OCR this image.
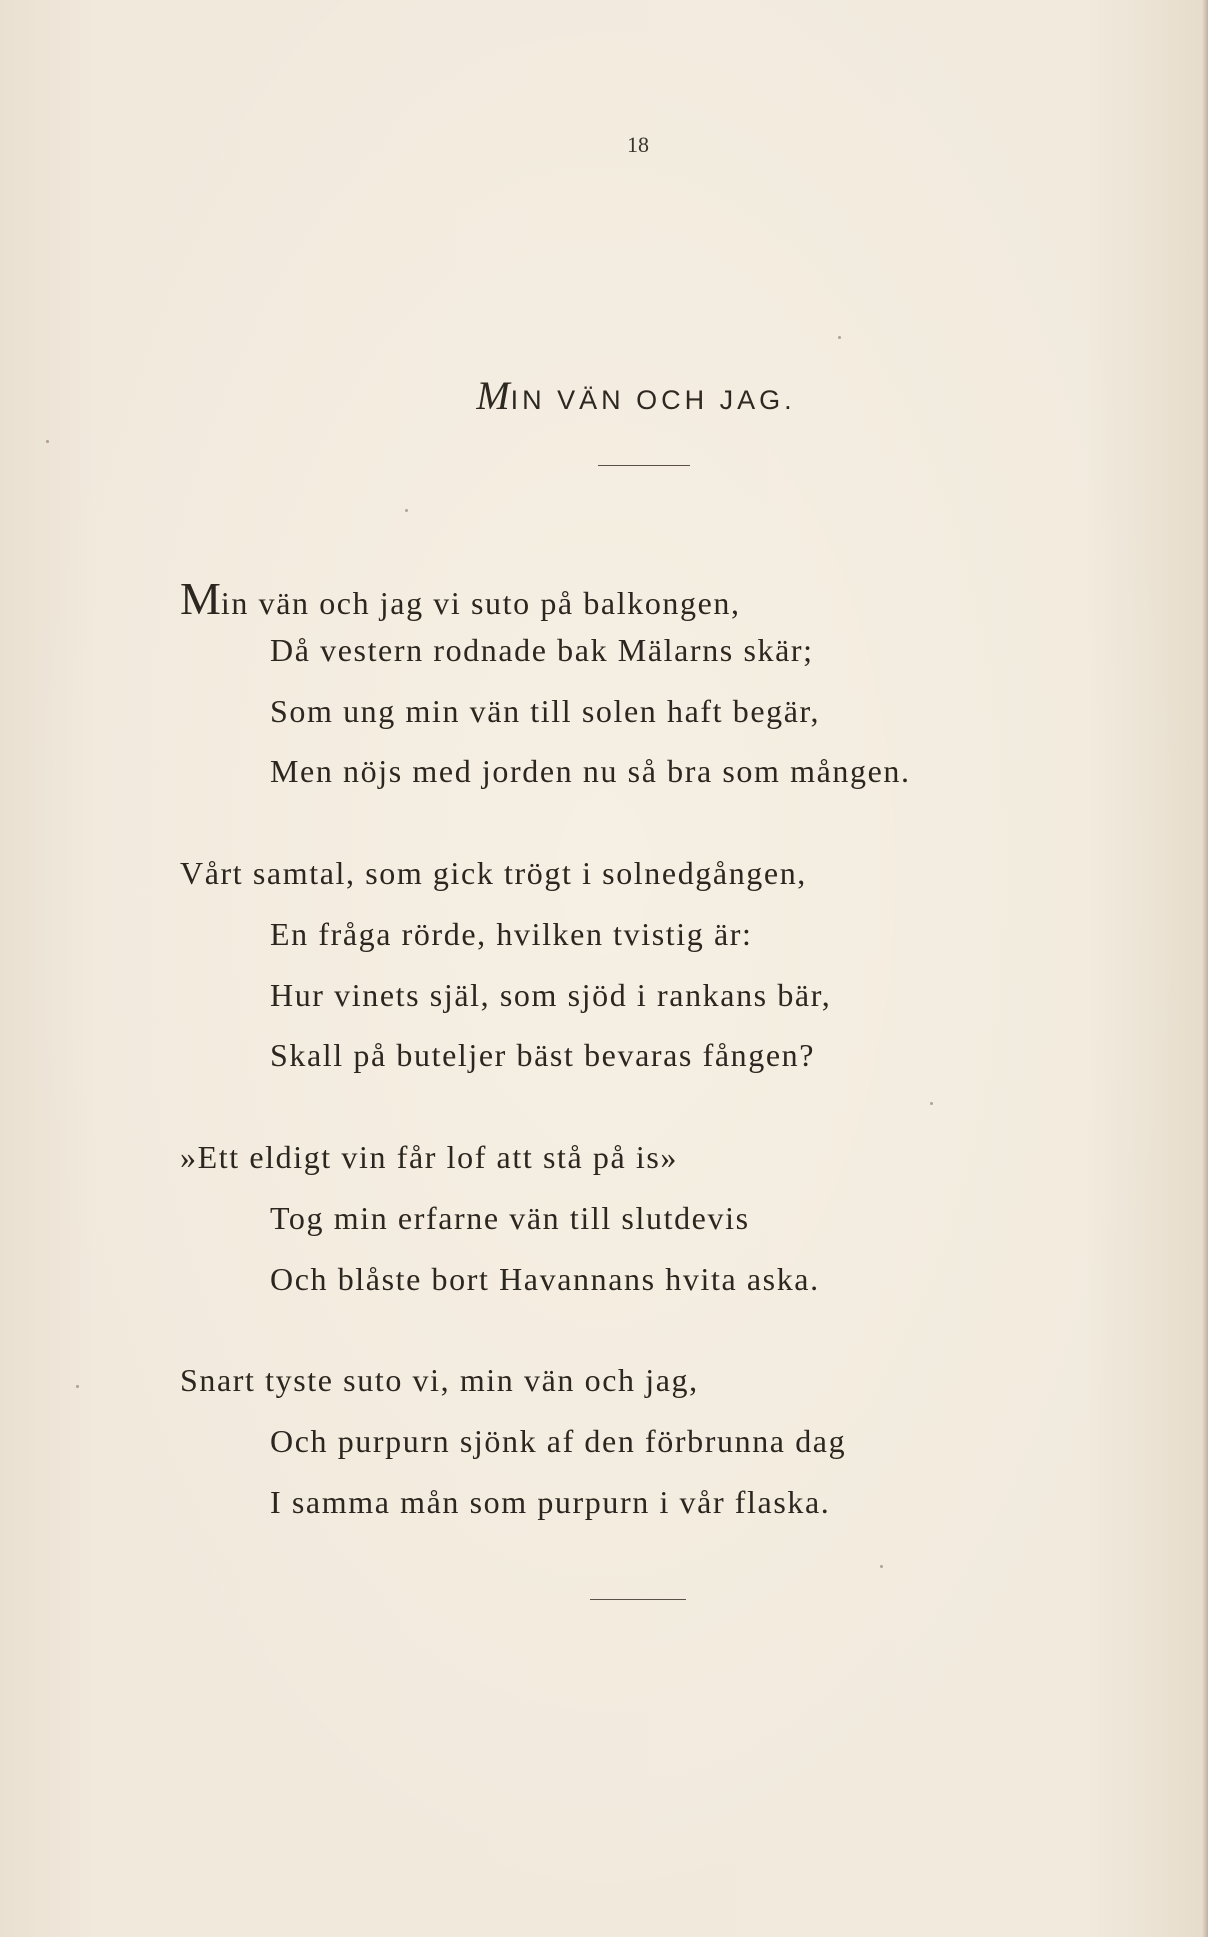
18
MIN VÄN OCH JAG.
Min vän och jag vi suto på balkongen,
Då vestern rodnade bak Mälarns skär;
Som ung min vän till solen haft begär,
Men nöjs med jorden nu så bra som mången.
Vårt samtal, som gick trögt i solnedgången,
En fråga rörde, hvilken tvistig är:
Hur vinets själ, som sjöd i rankans bär,
Skall på buteljer bäst bevaras fången?
»Ett eldigt vin får lof att stå på is»
Tog min erfarne vän till slutdevis
Och blåste bort Havannans hvita aska.
Snart tyste suto vi, min vän och jag,
Och purpurn sjönk af den förbrunna dag
I samma mån som purpurn i vår flaska.
